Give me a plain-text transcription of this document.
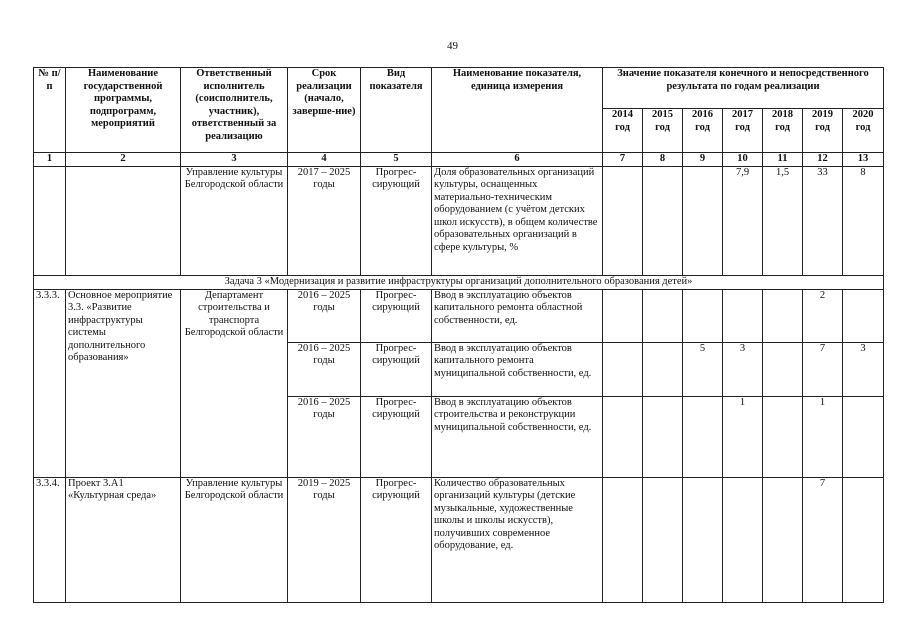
49
№ п/п	Наименование государственной программы, подпрограмм, мероприятий	Ответственный исполнитель (соисполнитель, участник), ответственный за реализацию	Срок реализации (начало, заверше-ние)	Вид показателя	Наименование показателя, единица измерения	Значение показателя конечного и непосредственного результата по годам реализации						
						2014 год	2015 год	2016 год	2017 год	2018 год	2019 год	2020 год
1	2	3	4	5	6	7	8	9	10	11	12	13
		Управление культуры Белгородской области	2017 – 2025 годы	Прогрес-сирующий	Доля образовательных организаций культуры, оснащенных материально-техническим оборудованием (с учётом детских школ искусств), в общем количестве образовательных организаций в сфере культуры, %				7,9	1,5	33	8
Задача 3 «Модернизация и развитие инфраструктуры организаций дополнительного образования детей»												
3.3.3.	Основное мероприятие 3.3. «Развитие инфраструктуры системы дополнительного образования»	Департамент строительства и транспорта Белгородской области	2016 – 2025 годы	Прогрес-сирующий	Ввод в эксплуатацию объектов капитального ремонта областной собственности, ед.						2	
			2016 – 2025 годы	Прогрес-сирующий	Ввод в эксплуатацию объектов капитального ремонта муниципальной собственности, ед.			5	3		7	3
			2016 – 2025 годы	Прогрес-сирующий	Ввод в эксплуатацию объектов строительства и реконструкции муниципальной собственности, ед.				1		1	
3.3.4.	Проект 3.А1 «Культурная среда»	Управление культуры Белгородской области	2019 – 2025 годы	Прогрес-сирующий	Количество образовательных организаций культуры (детские музыкальные, художественные школы и школы искусств), получивших современное оборудование, ед.						7	
